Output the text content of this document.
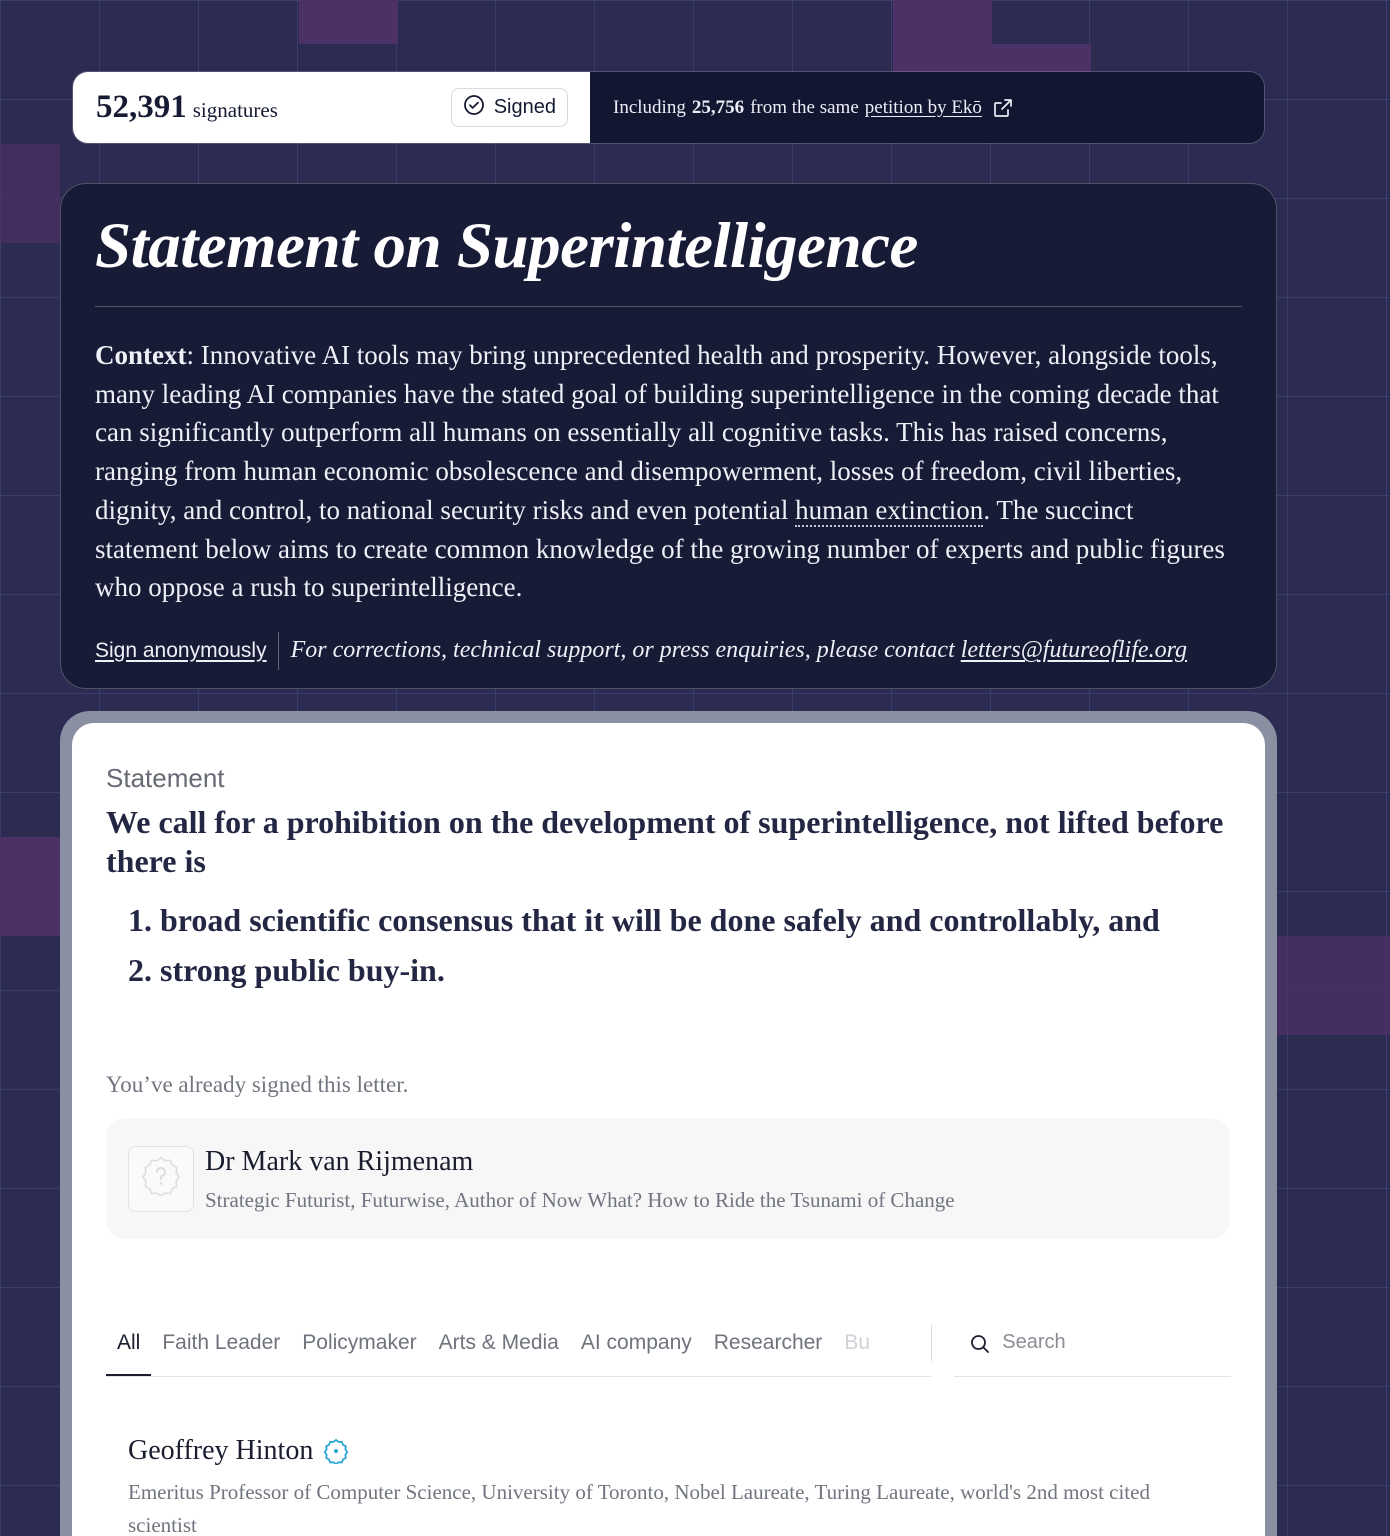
52,391 signatures	Signed	Including 25,756 from the same petition by Ekō
Statement on Superintelligence

Context: Innovative AI tools may bring unprecedented health and prosperity. However, alongside tools, many leading AI companies have the stated goal of building superintelligence in the coming decade that can significantly outperform all humans on essentially all cognitive tasks. This has raised concerns, ranging from human economic obsolescence and disempowerment, losses of freedom, civil liberties, dignity, and control, to national security risks and even potential human extinction. The succinct statement below aims to create common knowledge of the growing number of experts and public figures who oppose a rush to superintelligence.

Sign anonymously	For corrections, technical support, or press enquiries, please contact letters@futureoflife.org
Statement
We call for a prohibition on the development of superintelligence, not lifted before there is
1. broad scientific consensus that it will be done safely and controllably, and
2. strong public buy-in.
You’ve already signed this letter.
Dr Mark van Rijmenam
Strategic Futurist, Futurwise, Author of Now What? How to Ride the Tsunami of Change
All	Faith Leader	Policymaker	Arts & Media	AI company	Researcher	Bu
Search
Geoffrey Hinton
Emeritus Professor of Computer Science, University of Toronto, Nobel Laureate, Turing Laureate, world's 2nd most cited scientist
